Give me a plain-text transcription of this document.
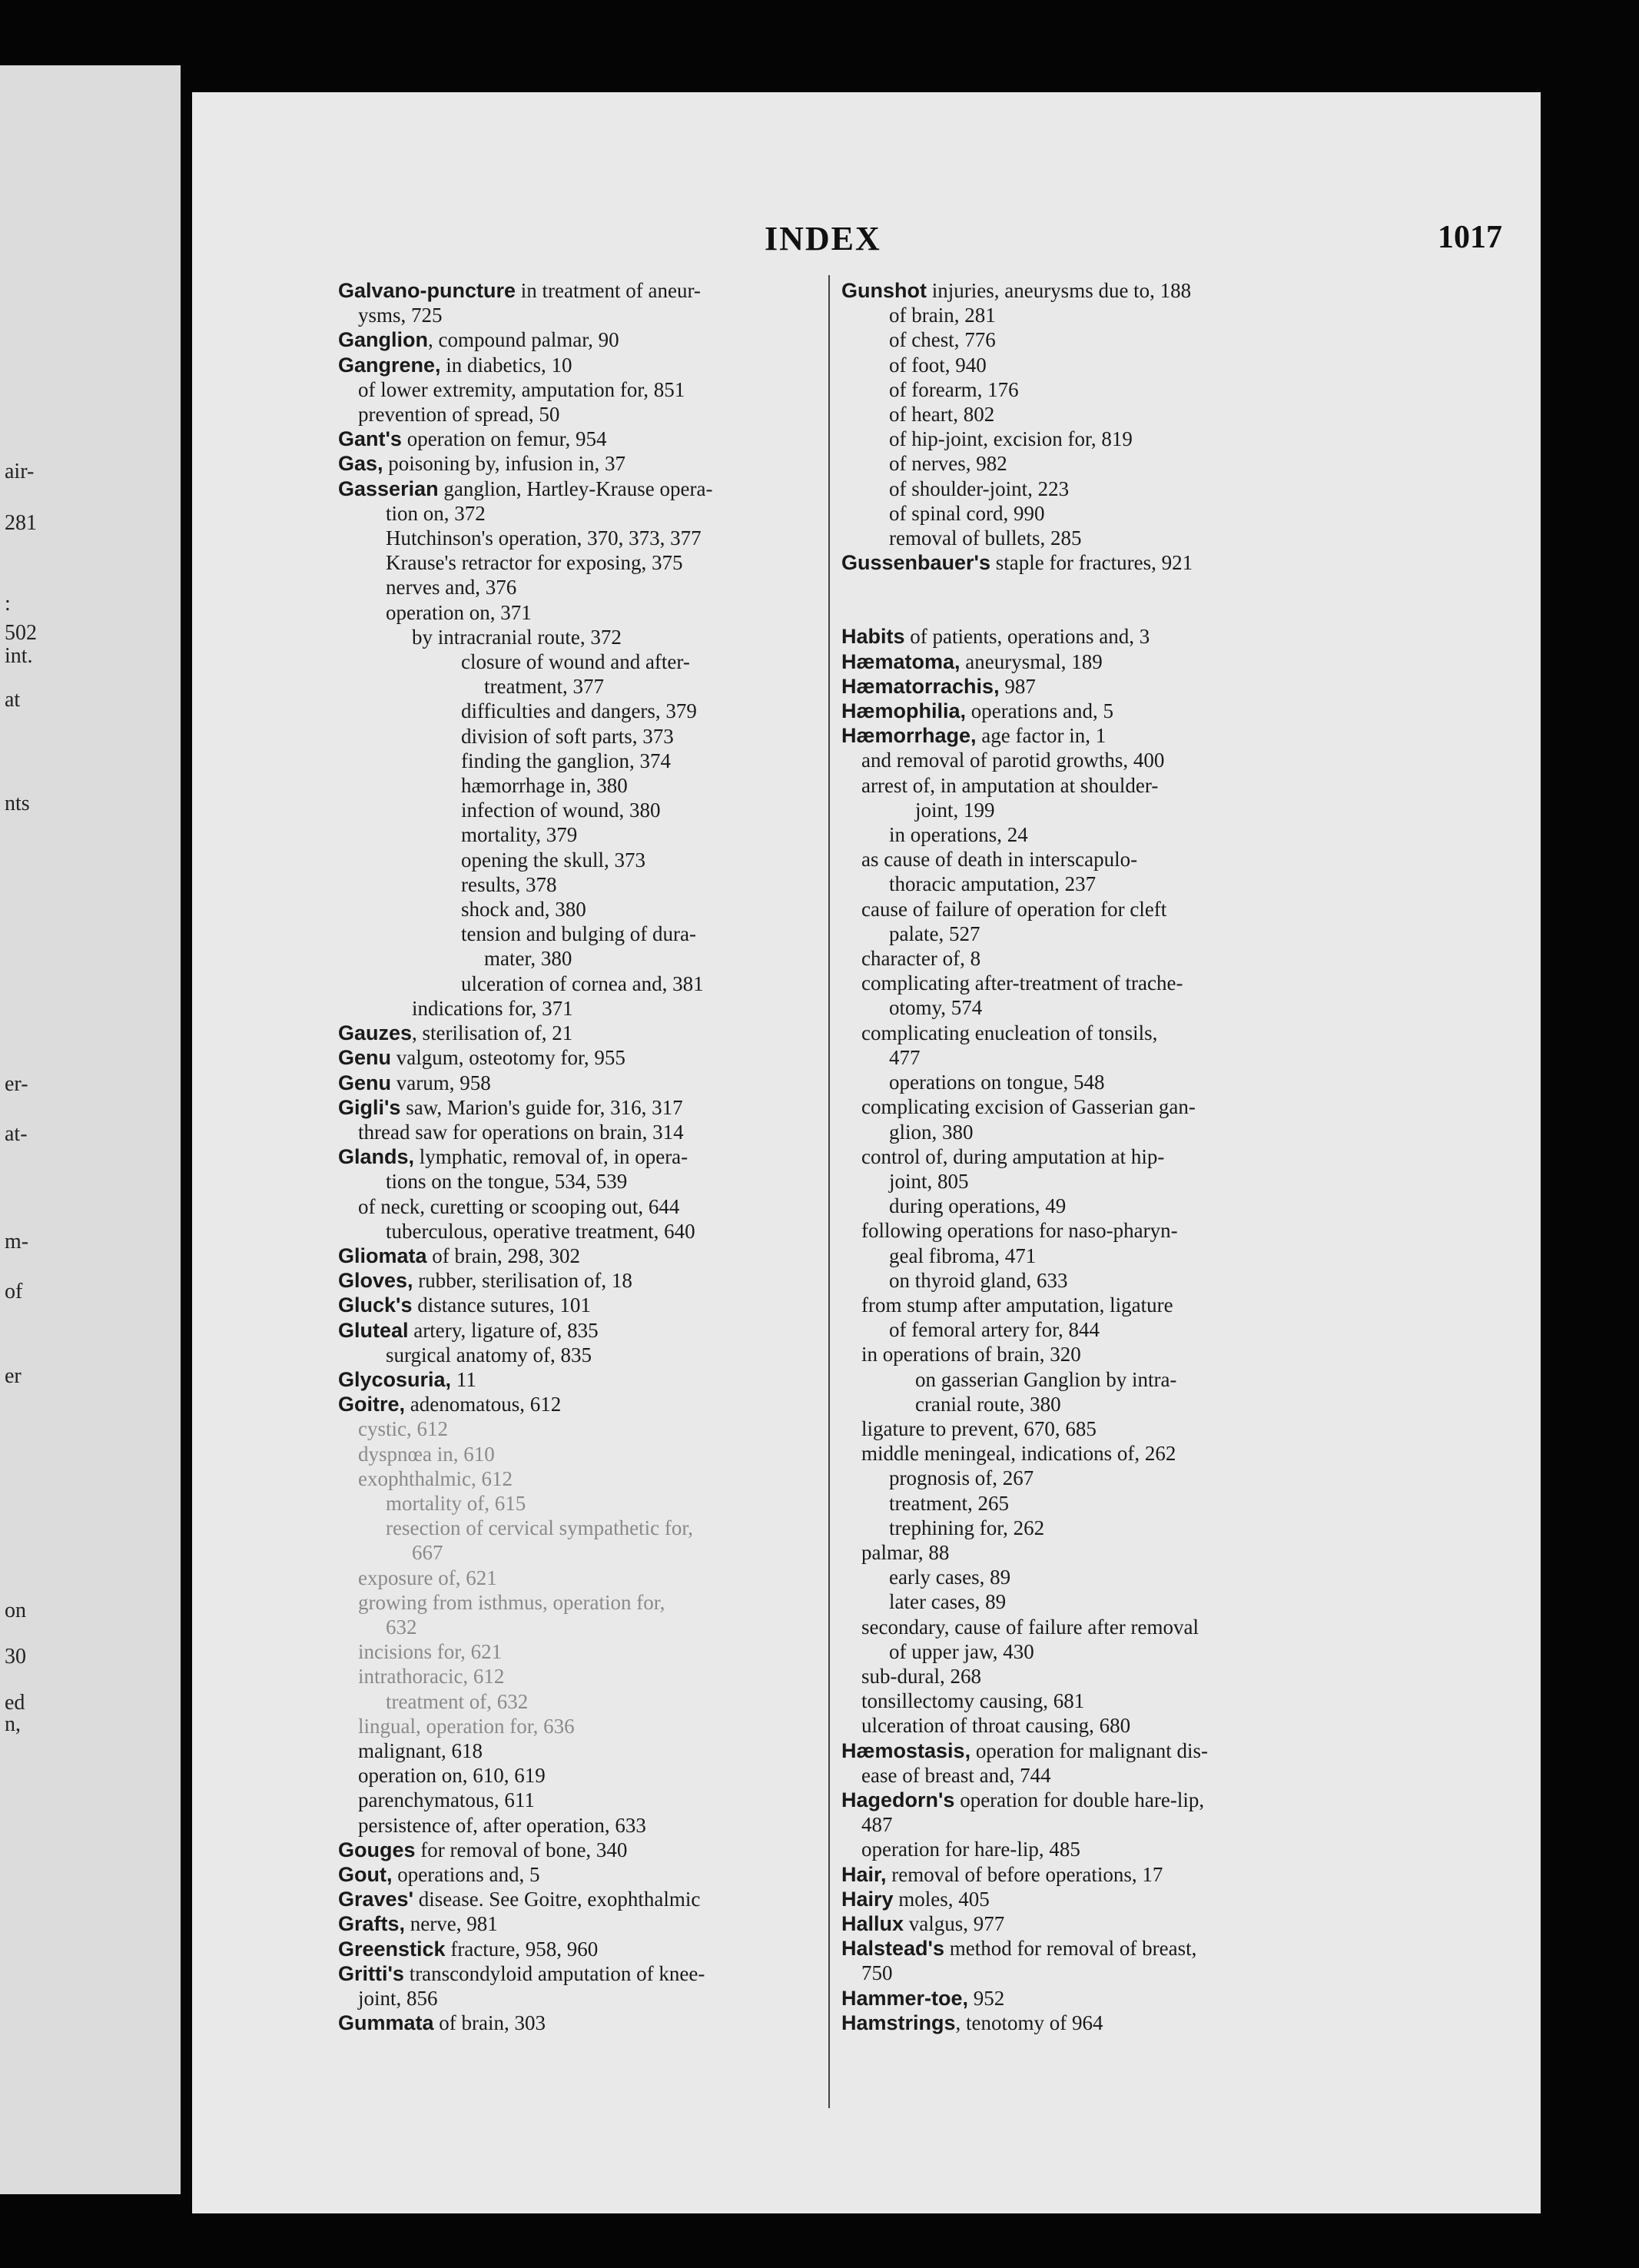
air-
281
:
502
int.
at
nts
er-
at-
m-
of
er
on
30
ed
n,
INDEX	1017
Galvano-puncture in treatment of aneur-
ysms, 725
Ganglion, compound palmar, 90
Gangrene, in diabetics, 10
of lower extremity, amputation for, 851
prevention of spread, 50
Gant's operation on femur, 954
Gas, poisoning by, infusion in, 37
Gasserian ganglion, Hartley-Krause opera-
tion on, 372
Hutchinson's operation, 370, 373, 377
Krause's retractor for exposing, 375
nerves and, 376
operation on, 371
by intracranial route, 372
closure of wound and after-
treatment, 377
difficulties and dangers, 379
division of soft parts, 373
finding the ganglion, 374
hæmorrhage in, 380
infection of wound, 380
mortality, 379
opening the skull, 373
results, 378
shock and, 380
tension and bulging of dura-
mater, 380
ulceration of cornea and, 381
indications for, 371
Gauzes, sterilisation of, 21
Genu valgum, osteotomy for, 955
Genu varum, 958
Gigli's saw, Marion's guide for, 316, 317
thread saw for operations on brain, 314
Glands, lymphatic, removal of, in opera-
tions on the tongue, 534, 539
of neck, curetting or scooping out, 644
tuberculous, operative treatment, 640
Gliomata of brain, 298, 302
Gloves, rubber, sterilisation of, 18
Gluck's distance sutures, 101
Gluteal artery, ligature of, 835
surgical anatomy of, 835
Glycosuria, 11
Goitre, adenomatous, 612
cystic, 612
dyspnœa in, 610
exophthalmic, 612
mortality of, 615
resection of cervical sympathetic for,
667
exposure of, 621
growing from isthmus, operation for,
632
incisions for, 621
intrathoracic, 612
treatment of, 632
lingual, operation for, 636
malignant, 618
operation on, 610, 619
parenchymatous, 611
persistence of, after operation, 633
Gouges for removal of bone, 340
Gout, operations and, 5
Graves' disease. See Goitre, exophthalmic
Grafts, nerve, 981
Greenstick fracture, 958, 960
Gritti's transcondyloid amputation of knee-
joint, 856
Gummata of brain, 303
Gunshot injuries, aneurysms due to, 188
of brain, 281
of chest, 776
of foot, 940
of forearm, 176
of heart, 802
of hip-joint, excision for, 819
of nerves, 982
of shoulder-joint, 223
of spinal cord, 990
removal of bullets, 285
Gussenbauer's staple for fractures, 921
Habits of patients, operations and, 3
Hæmatoma, aneurysmal, 189
Hæmatorrachis, 987
Hæmophilia, operations and, 5
Hæmorrhage, age factor in, 1
and removal of parotid growths, 400
arrest of, in amputation at shoulder-
joint, 199
in operations, 24
as cause of death in interscapulo-
thoracic amputation, 237
cause of failure of operation for cleft
palate, 527
character of, 8
complicating after-treatment of trache-
otomy, 574
complicating enucleation of tonsils,
477
operations on tongue, 548
complicating excision of Gasserian gan-
glion, 380
control of, during amputation at hip-
joint, 805
during operations, 49
following operations for naso-pharyn-
geal fibroma, 471
on thyroid gland, 633
from stump after amputation, ligature
of femoral artery for, 844
in operations of brain, 320
on gasserian Ganglion by intra-
cranial route, 380
ligature to prevent, 670, 685
middle meningeal, indications of, 262
prognosis of, 267
treatment, 265
trephining for, 262
palmar, 88
early cases, 89
later cases, 89
secondary, cause of failure after removal
of upper jaw, 430
sub-dural, 268
tonsillectomy causing, 681
ulceration of throat causing, 680
Hæmostasis, operation for malignant dis-
ease of breast and, 744
Hagedorn's operation for double hare-lip,
487
operation for hare-lip, 485
Hair, removal of before operations, 17
Hairy moles, 405
Hallux valgus, 977
Halstead's method for removal of breast,
750
Hammer-toe, 952
Hamstrings, tenotomy of 964
